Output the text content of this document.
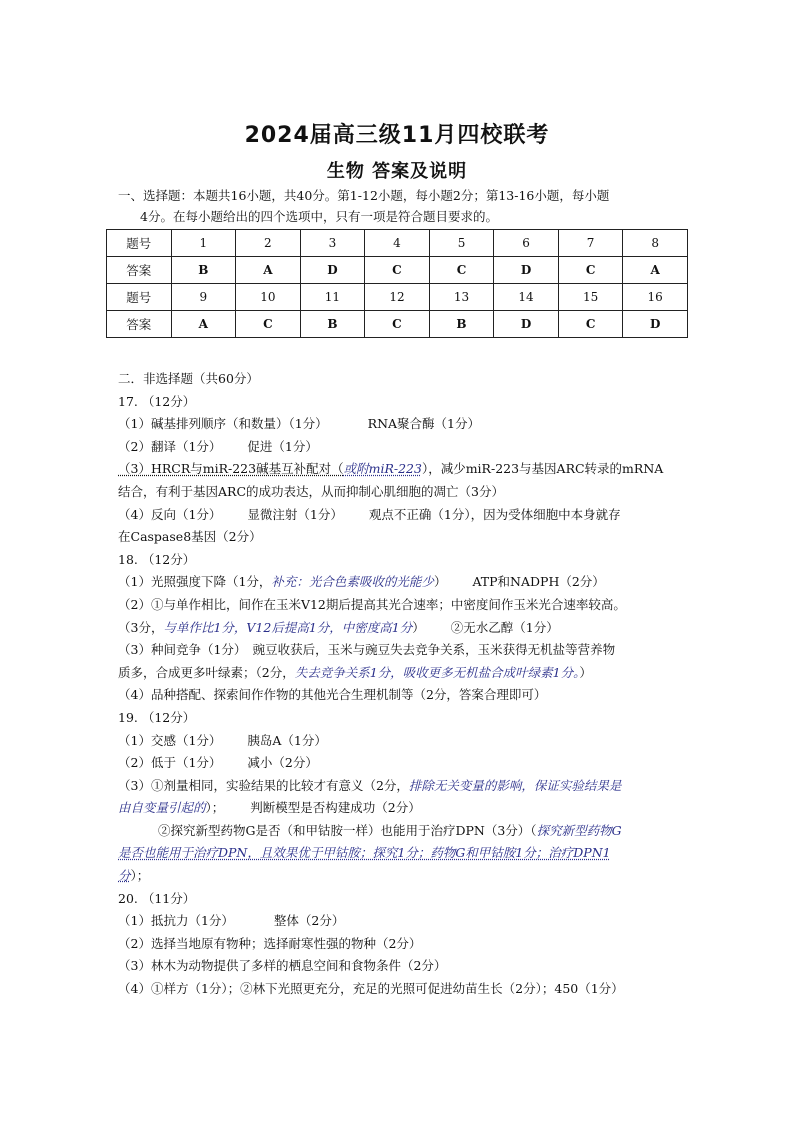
2024届高三级11月四校联考
生物 答案及说明
一、选择题：本题共16小题，共40分。第1-12小题，每小题2分；第13-16小题，每小题
4分。在每小题给出的四个选项中，只有一项是符合题目要求的。
题号	1	2	3	4	5	6	7	8
答案	B	A	D	C	C	D	C	A
题号	9	10	11	12	13	14	15	16
答案	A	C	B	C	B	D	C	D
二．非选择题（共60分）
17. （12分）
（1）碱基排列顺序（和数量）（1分）	RNA聚合酶（1分）
（2）翻译（1分） 促进（1分）
（3）HRCR与miR-223碱基互补配对（或附miR-223），减少miR-223与基因ARC转录的mRNA
结合，有利于基因ARC的成功表达，从而抑制心肌细胞的凋亡（3分）
（4）反向（1分） 显微注射（1分） 观点不正确（1分），因为受体细胞中本身就存
在Caspase8基因（2分）
18. （12分）
（1）光照强度下降（1分，补充：光合色素吸收的光能少） ATP和NADPH（2分）
（2）①与单作相比，间作在玉米V12期后提高其光合速率；中密度间作玉米光合速率较高。
（3分，与单作比1分，V12后提高1分，中密度高1分） ②无水乙醇（1分）
（3）种间竞争（1分）　豌豆收获后，玉米与豌豆失去竞争关系，玉米获得无机盐等营养物
质多，合成更多叶绿素；（2分，失去竞争关系1分，吸收更多无机盐合成叶绿素1分。）
（4）品种搭配、探索间作作物的其他光合生理机制等（2分，答案合理即可）
19. （12分）
（1）交感（1分） 胰岛A（1分）
（2）低于（1分） 减小（2分）
（3）①剂量相同，实验结果的比较才有意义（2分，排除无关变量的影响，保证实验结果是
由自变量引起的）； 判断模型是否构建成功（2分）
②探究新型药物G是否（和甲钴胺一样）也能用于治疗DPN（3分）（探究新型药物G
是否也能用于治疗DPN，且效果优于甲钴胺；探究1分；药物G和甲钴胺1分；治疗DPN1
分）；
20. （11分）
（1）抵抗力（1分）	整体（2分）
（2）选择当地原有物种；选择耐寒性强的物种（2分）
（3）林木为动物提供了多样的栖息空间和食物条件（2分）
（4）①样方（1分）；②林下光照更充分，充足的光照可促进幼苗生长（2分）；450（1分）
